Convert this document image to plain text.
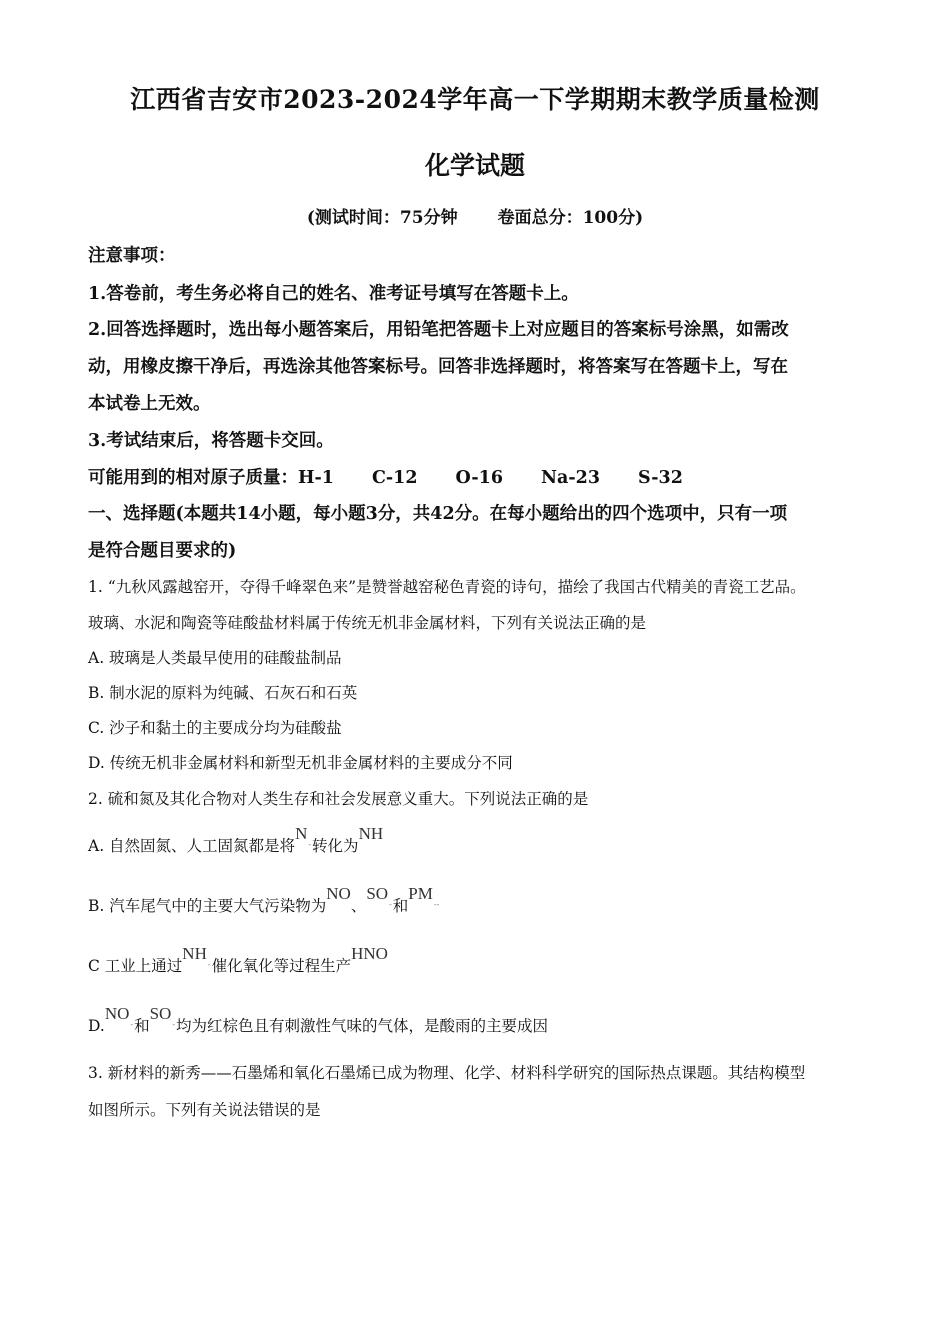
江西省吉安市2023-2024学年高一下学期期末教学质量检测
化学试题
(测试时间：75分钟 卷面总分：100分)
注意事项：
1.答卷前，考生务必将自己的姓名、准考证号填写在答题卡上。
2.回答选择题时，选出每小题答案后，用铅笔把答题卡上对应题目的答案标号涂黑，如需改
动，用橡皮擦干净后，再选涂其他答案标号。回答非选择题时，将答案写在答题卡上，写在
本试卷上无效。
3.考试结束后，将答题卡交回。
可能用到的相对原子质量：H-1 C-12 O-16 Na-23 S-32
一、选择题(本题共14小题，每小题3分，共42分。在每小题给出的四个选项中，只有一项
是符合题目要求的)
1. “九秋风露越窑开，夺得千峰翠色来”是赞誉越窑秘色青瓷的诗句，描绘了我国古代精美的青瓷工艺品。
玻璃、水泥和陶瓷等硅酸盐材料属于传统无机非金属材料，下列有关说法正确的是
A. 玻璃是人类最早使用的硅酸盐制品
B. 制水泥的原料为纯碱、石灰石和石英
C. 沙子和黏土的主要成分均为硅酸盐
D. 传统无机非金属材料和新型无机非金属材料的主要成分不同
2. 硫和氮及其化合物对人类生存和社会发展意义重大。下列说法正确的是
A. 自然固氮、人工固氮都是将N-转化为NH
B. 汽车尾气中的主要大气污染物为NO、SO-和PM--
C 工业上通过NH-催化氧化等过程生产HNO
D.NO-和SO-均为红棕色且有刺激性气味的气体，是酸雨的主要成因
3. 新材料的新秀——石墨烯和氧化石墨烯已成为物理、化学、材料科学研究的国际热点课题。其结构模型
如图所示。下列有关说法错误的是
